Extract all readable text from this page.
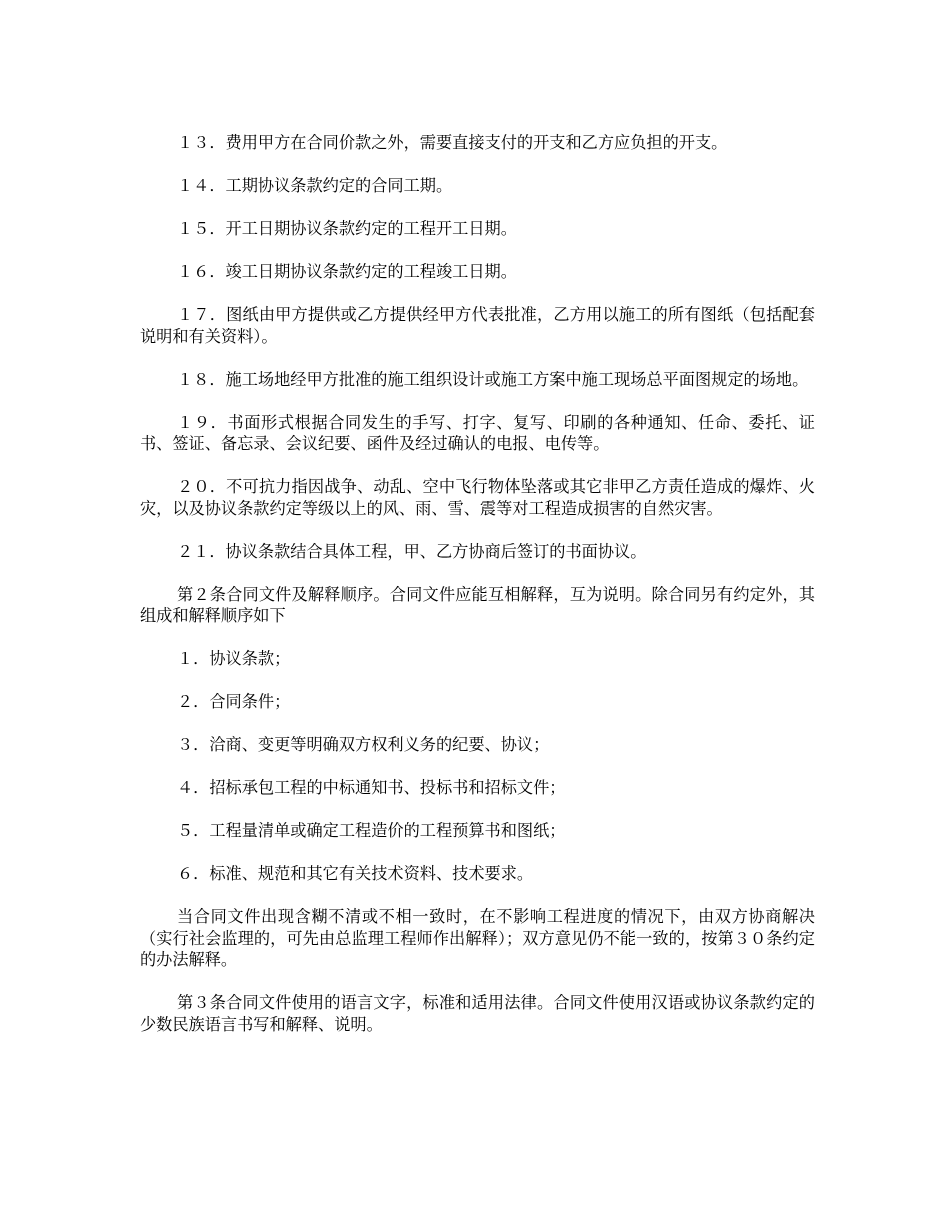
１３．费用甲方在合同价款之外，需要直接支付的开支和乙方应负担的开支。

１４．工期协议条款约定的合同工期。

１５．开工日期协议条款约定的工程开工日期。

１６．竣工日期协议条款约定的工程竣工日期。

１７．图纸由甲方提供或乙方提供经甲方代表批准，乙方用以施工的所有图纸（包括配套说明和有关资料）。

１８．施工场地经甲方批准的施工组织设计或施工方案中施工现场总平面图规定的场地。

１９．书面形式根据合同发生的手写、打字、复写、印刷的各种通知、任命、委托、证书、签证、备忘录、会议纪要、函件及经过确认的电报、电传等。

２０．不可抗力指因战争、动乱、空中飞行物体坠落或其它非甲乙方责任造成的爆炸、火灾，以及协议条款约定等级以上的风、雨、雪、震等对工程造成损害的自然灾害。

２１．协议条款结合具体工程，甲、乙方协商后签订的书面协议。

第２条合同文件及解释顺序。合同文件应能互相解释，互为说明。除合同另有约定外，其组成和解释顺序如下

１．协议条款；

２．合同条件；

３．洽商、变更等明确双方权利义务的纪要、协议；

４．招标承包工程的中标通知书、投标书和招标文件；

５．工程量清单或确定工程造价的工程预算书和图纸；

６．标准、规范和其它有关技术资料、技术要求。

当合同文件出现含糊不清或不相一致时，在不影响工程进度的情况下，由双方协商解决（实行社会监理的，可先由总监理工程师作出解释）；双方意见仍不能一致的，按第３０条约定的办法解释。

第３条合同文件使用的语言文字，标准和适用法律。合同文件使用汉语或协议条款约定的少数民族语言书写和解释、说明。
